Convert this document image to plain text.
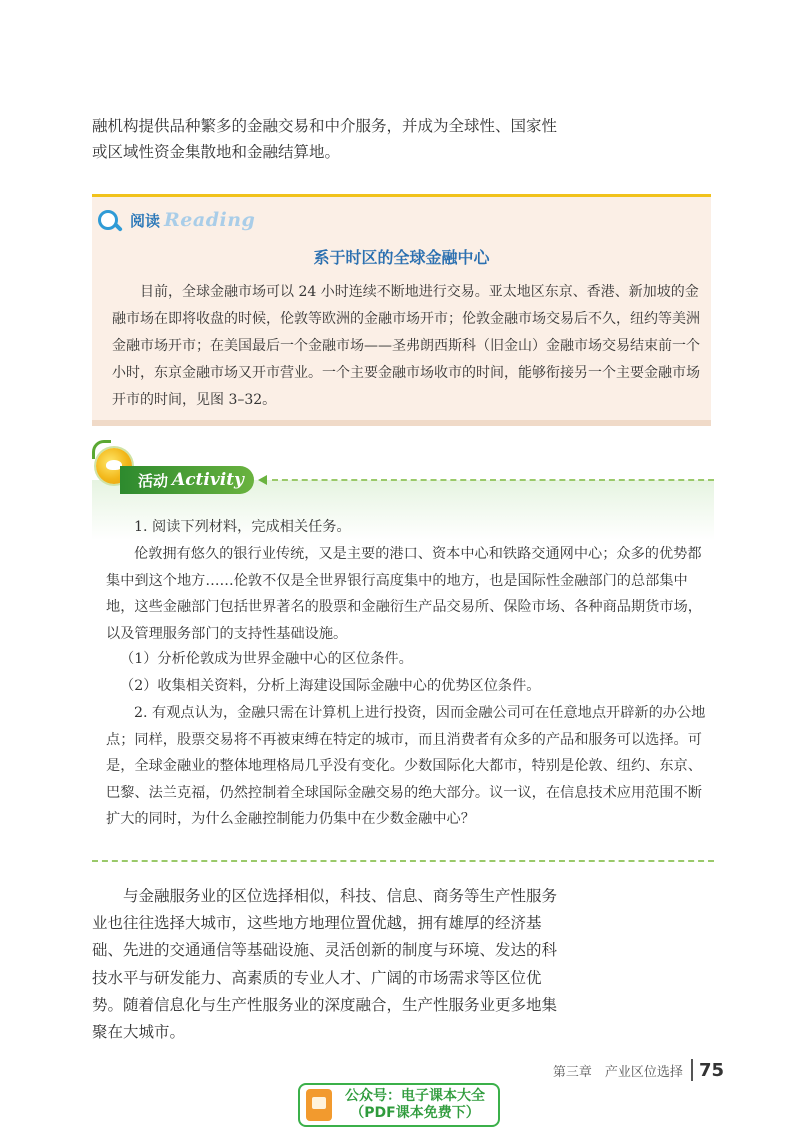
融机构提供品种繁多的金融交易和中介服务，并成为全球性、国家性或区域性资金集散地和金融结算地。

阅读 Reading
系于时区的全球金融中心

目前，全球金融市场可以 24 小时连续不断地进行交易。亚太地区东京、香港、新加坡的金融市场在即将收盘的时候，伦敦等欧洲的金融市场开市；伦敦金融市场交易后不久，纽约等美洲金融市场开市；在美国最后一个金融市场——圣弗朗西斯科（旧金山）金融市场交易结束前一个小时，东京金融市场又开市营业。一个主要金融市场收市的时间，能够衔接另一个主要金融市场开市的时间，见图 3–32。

活动 Activity

1. 阅读下列材料，完成相关任务。

伦敦拥有悠久的银行业传统，又是主要的港口、资本中心和铁路交通网中心；众多的优势都集中到这个地方……伦敦不仅是全世界银行高度集中的地方，也是国际性金融部门的总部集中地，这些金融部门包括世界著名的股票和金融衍生产品交易所、保险市场、各种商品期货市场，以及管理服务部门的支持性基础设施。

（1）分析伦敦成为世界金融中心的区位条件。

（2）收集相关资料，分析上海建设国际金融中心的优势区位条件。

2. 有观点认为，金融只需在计算机上进行投资，因而金融公司可在任意地点开辟新的办公地点；同样，股票交易将不再被束缚在特定的城市，而且消费者有众多的产品和服务可以选择。可是，全球金融业的整体地理格局几乎没有变化。少数国际化大都市，特别是伦敦、纽约、东京、巴黎、法兰克福，仍然控制着全球国际金融交易的绝大部分。议一议，在信息技术应用范围不断扩大的同时，为什么金融控制能力仍集中在少数金融中心？

与金融服务业的区位选择相似，科技、信息、商务等生产性服务业也往往选择大城市，这些地方地理位置优越，拥有雄厚的经济基础、先进的交通通信等基础设施、灵活创新的制度与环境、发达的科技水平与研发能力、高素质的专业人才、广阔的市场需求等区位优势。随着信息化与生产性服务业的深度融合，生产性服务业更多地集聚在大城市。

第三章　产业区位选择 75
公众号：电子课本大全
（PDF课本免费下）
